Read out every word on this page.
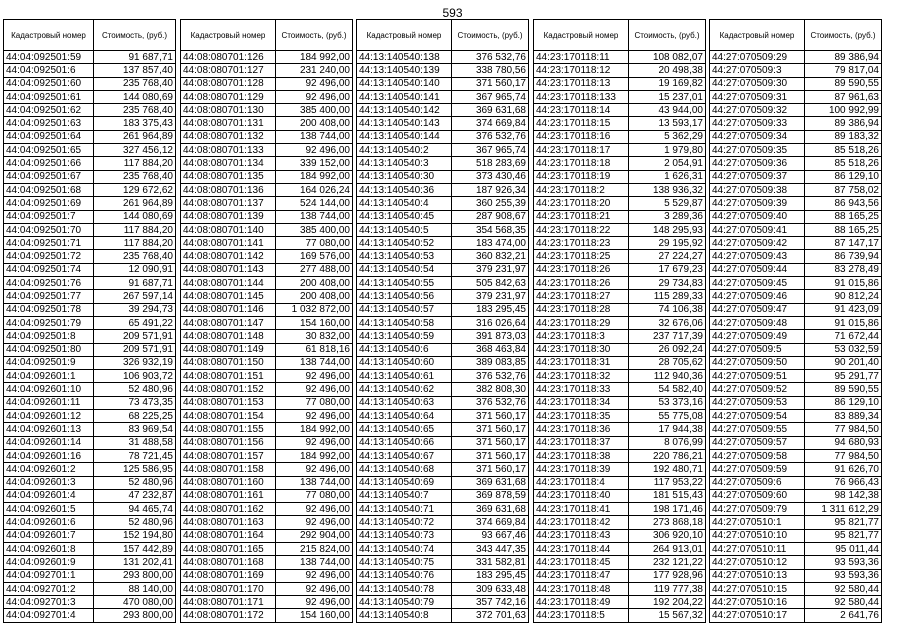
593
Кадастровый номер	Стоимость, (руб.)
44:04:092501:59	91 687,71
44:04:092501:6	137 857,40
44:04:092501:60	235 768,40
44:04:092501:61	144 080,69
44:04:092501:62	235 768,40
44:04:092501:63	183 375,43
44:04:092501:64	261 964,89
44:04:092501:65	327 456,12
44:04:092501:66	117 884,20
44:04:092501:67	235 768,40
44:04:092501:68	129 672,62
44:04:092501:69	261 964,89
44:04:092501:7	144 080,69
44:04:092501:70	117 884,20
44:04:092501:71	117 884,20
44:04:092501:72	235 768,40
44:04:092501:74	12 090,91
44:04:092501:76	91 687,71
44:04:092501:77	267 597,14
44:04:092501:78	39 294,73
44:04:092501:79	65 491,22
44:04:092501:8	209 571,91
44:04:092501:80	209 571,91
44:04:092501:9	326 932,19
44:04:092601:1	106 903,72
44:04:092601:10	52 480,96
44:04:092601:11	73 473,35
44:04:092601:12	68 225,25
44:04:092601:13	83 969,54
44:04:092601:14	31 488,58
44:04:092601:16	78 721,45
44:04:092601:2	125 586,95
44:04:092601:3	52 480,96
44:04:092601:4	47 232,87
44:04:092601:5	94 465,74
44:04:092601:6	52 480,96
44:04:092601:7	152 194,80
44:04:092601:8	157 442,89
44:04:092601:9	131 202,41
44:04:092701:1	293 800,00
44:04:092701:2	88 140,00
44:04:092701:3	470 080,00
44:04:092701:4	293 800,00
Кадастровый номер	Стоимость, (руб.)
44:08:080701:126	184 992,00
44:08:080701:127	231 240,00
44:08:080701:128	92 496,00
44:08:080701:129	92 496,00
44:08:080701:130	385 400,00
44:08:080701:131	200 408,00
44:08:080701:132	138 744,00
44:08:080701:133	92 496,00
44:08:080701:134	339 152,00
44:08:080701:135	184 992,00
44:08:080701:136	164 026,24
44:08:080701:137	524 144,00
44:08:080701:139	138 744,00
44:08:080701:140	385 400,00
44:08:080701:141	77 080,00
44:08:080701:142	169 576,00
44:08:080701:143	277 488,00
44:08:080701:144	200 408,00
44:08:080701:145	200 408,00
44:08:080701:146	1 032 872,00
44:08:080701:147	154 160,00
44:08:080701:148	30 832,00
44:08:080701:149	61 818,16
44:08:080701:150	138 744,00
44:08:080701:151	92 496,00
44:08:080701:152	92 496,00
44:08:080701:153	77 080,00
44:08:080701:154	92 496,00
44:08:080701:155	184 992,00
44:08:080701:156	92 496,00
44:08:080701:157	184 992,00
44:08:080701:158	92 496,00
44:08:080701:160	138 744,00
44:08:080701:161	77 080,00
44:08:080701:162	92 496,00
44:08:080701:163	92 496,00
44:08:080701:164	292 904,00
44:08:080701:165	215 824,00
44:08:080701:168	138 744,00
44:08:080701:169	92 496,00
44:08:080701:170	92 496,00
44:08:080701:171	92 496,00
44:08:080701:172	154 160,00
Кадастровый номер	Стоимость, (руб.)
44:13:140540:138	376 532,76
44:13:140540:139	338 780,56
44:13:140540:140	371 560,17
44:13:140540:141	367 965,74
44:13:140540:142	369 631,68
44:13:140540:143	374 669,84
44:13:140540:144	376 532,76
44:13:140540:2	367 965,74
44:13:140540:3	518 283,69
44:13:140540:30	373 430,46
44:13:140540:36	187 926,34
44:13:140540:4	360 255,39
44:13:140540:45	287 908,67
44:13:140540:5	354 568,35
44:13:140540:52	183 474,00
44:13:140540:53	360 832,21
44:13:140540:54	379 231,97
44:13:140540:55	505 842,63
44:13:140540:56	379 231,97
44:13:140540:57	183 295,45
44:13:140540:58	316 026,64
44:13:140540:59	391 873,03
44:13:140540:6	368 463,84
44:13:140540:60	389 083,85
44:13:140540:61	376 532,76
44:13:140540:62	382 808,30
44:13:140540:63	376 532,76
44:13:140540:64	371 560,17
44:13:140540:65	371 560,17
44:13:140540:66	371 560,17
44:13:140540:67	371 560,17
44:13:140540:68	371 560,17
44:13:140540:69	369 631,68
44:13:140540:7	369 878,59
44:13:140540:71	369 631,68
44:13:140540:72	374 669,84
44:13:140540:73	93 667,46
44:13:140540:74	343 447,35
44:13:140540:75	331 582,81
44:13:140540:76	183 295,45
44:13:140540:78	309 633,48
44:13:140540:79	357 742,16
44:13:140540:8	372 701,63
Кадастровый номер	Стоимость, (руб.)
44:23:170118:11	108 082,07
44:23:170118:12	20 498,38
44:23:170118:13	19 169,82
44:23:170118:133	15 237,01
44:23:170118:14	43 944,00
44:23:170118:15	13 593,17
44:23:170118:16	5 362,29
44:23:170118:17	1 979,80
44:23:170118:18	2 054,91
44:23:170118:19	1 626,31
44:23:170118:2	138 936,32
44:23:170118:20	5 529,87
44:23:170118:21	3 289,36
44:23:170118:22	148 295,93
44:23:170118:23	29 195,92
44:23:170118:25	27 224,27
44:23:170118:26	17 679,23
44:23:170118:26	29 734,83
44:23:170118:27	115 289,33
44:23:170118:28	74 106,38
44:23:170118:29	32 676,06
44:23:170118:3	237 717,39
44:23:170118:30	26 092,24
44:23:170118:31	28 705,62
44:23:170118:32	112 940,36
44:23:170118:33	54 582,40
44:23:170118:34	53 373,16
44:23:170118:35	55 775,08
44:23:170118:36	17 944,38
44:23:170118:37	8 076,99
44:23:170118:38	220 786,21
44:23:170118:39	192 480,71
44:23:170118:4	117 953,22
44:23:170118:40	181 515,43
44:23:170118:41	198 171,46
44:23:170118:42	273 868,18
44:23:170118:43	306 920,10
44:23:170118:44	264 913,01
44:23:170118:45	232 121,22
44:23:170118:47	177 928,96
44:23:170118:48	119 777,38
44:23:170118:49	192 204,22
44:23:170118:5	15 567,32
Кадастровый номер	Стоимость, (руб.)
44:27:070509:29	89 386,94
44:27:070509:3	79 817,04
44:27:070509:30	89 590,55
44:27:070509:31	87 961,63
44:27:070509:32	100 992,99
44:27:070509:33	89 386,94
44:27:070509:34	89 183,32
44:27:070509:35	85 518,26
44:27:070509:36	85 518,26
44:27:070509:37	86 129,10
44:27:070509:38	87 758,02
44:27:070509:39	86 943,56
44:27:070509:40	88 165,25
44:27:070509:41	88 165,25
44:27:070509:42	87 147,17
44:27:070509:43	86 739,94
44:27:070509:44	83 278,49
44:27:070509:45	91 015,86
44:27:070509:46	90 812,24
44:27:070509:47	91 423,09
44:27:070509:48	91 015,86
44:27:070509:49	71 672,44
44:27:070509:5	53 032,59
44:27:070509:50	90 201,40
44:27:070509:51	95 291,77
44:27:070509:52	89 590,55
44:27:070509:53	86 129,10
44:27:070509:54	83 889,34
44:27:070509:55	77 984,50
44:27:070509:57	94 680,93
44:27:070509:58	77 984,50
44:27:070509:59	91 626,70
44:27:070509:6	76 966,43
44:27:070509:60	98 142,38
44:27:070509:79	1 311 612,29
44:27:070510:1	95 821,77
44:27:070510:10	95 821,77
44:27:070510:11	95 011,44
44:27:070510:12	93 593,36
44:27:070510:13	93 593,36
44:27:070510:15	92 580,44
44:27:070510:16	92 580,44
44:27:070510:17	2 641,76
